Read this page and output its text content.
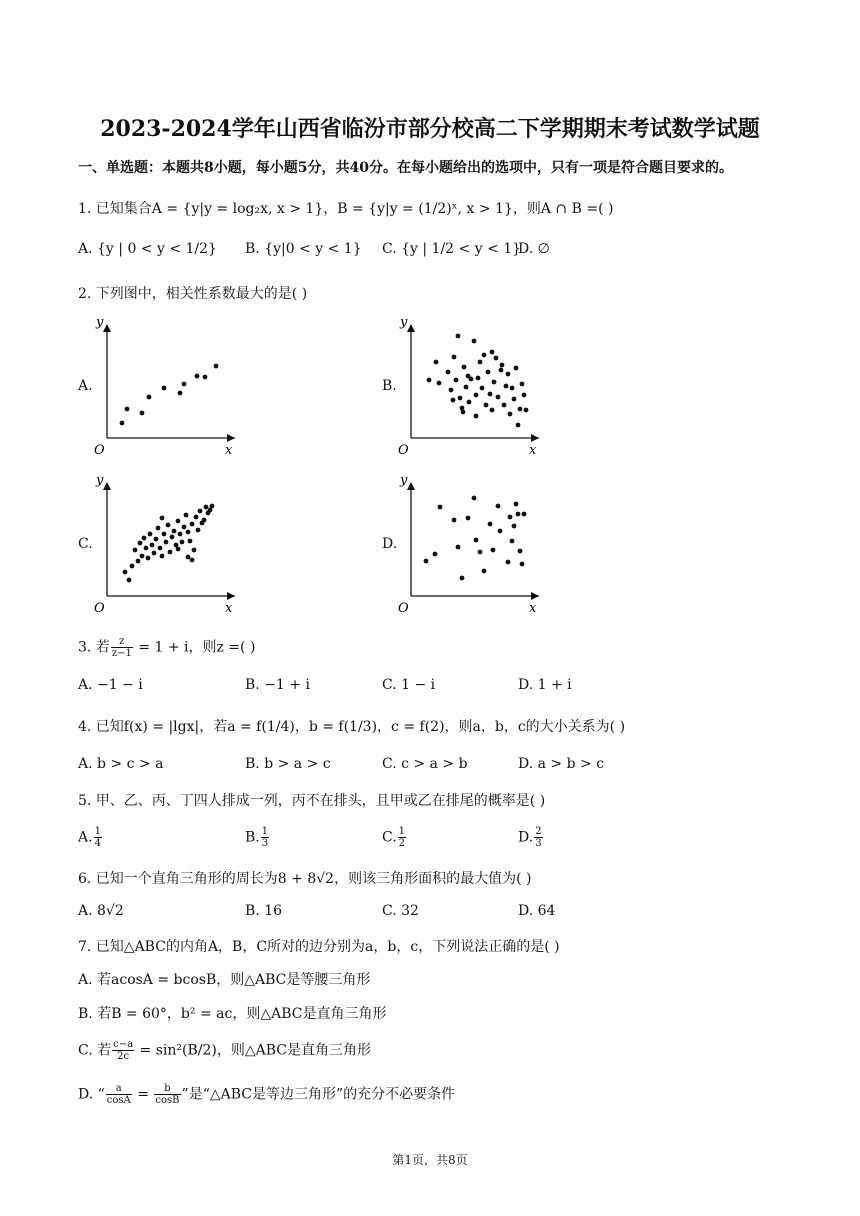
2023-2024学年山西省临汾市部分校高二下学期期末考试数学试题
一、单选题：本题共8小题，每小题5分，共40分。在每小题给出的选项中，只有一项是符合题目要求的。
1. 已知集合A = {y|y = log₂x, x > 1}，B = {y|y = (1/2)ˣ, x > 1}，则A ∩ B =( )
A. {y | 0 < y < 1/2} B. {y|0 < y < 1} C. {y | 1/2 < y < 1}
D. ∅
2. 下列图中，相关性系数最大的是( )
A.	B.
C.	D.
y
x
O
y
x
O
y
x
O
y
x
O
3. 若 $\frac{z}{z-1} = 1 + i$，则z =( )
A. −1 − i	B. −1 + i	C. 1 − i	D. 1 + i
4. 已知f(x) = |lgx|，若a = f(1/4)，b = f(1/3)，c = f(2)，则a，b，c的大小关系为( )
A. b > c > a	B. b > a > c	C. c > a > b	D. a > b > c
5. 甲、乙、丙、丁四人排成一列，丙不在排头，且甲或乙在排尾的概率是( )
A. $\frac{1}{4}$	B. $\frac{1}{3}$	C. $\frac{1}{2}$	D. $\frac{2}{3}$
6. 已知一个直角三角形的周长为8 + 8√2，则该三角形面积的最大值为( )
A. 8√2	B. 16	C. 32	D. 64
7. 已知△ABC的内角A，B，C所对的边分别为a，b，c，下列说法正确的是( )
A. 若acosA = bcosB，则△ABC是等腰三角形
B. 若B = 60°，b² = ac，则△ABC是直角三角形
C. 若 $\frac{c-a}{2c} = \sin^2(B/2)$，则△ABC是直角三角形
D. “ $\frac{a}{\cos A} = \frac{b}{\cos B}$ ”是“△ABC是等边三角形”的充分不必要条件
第1页，共8页
